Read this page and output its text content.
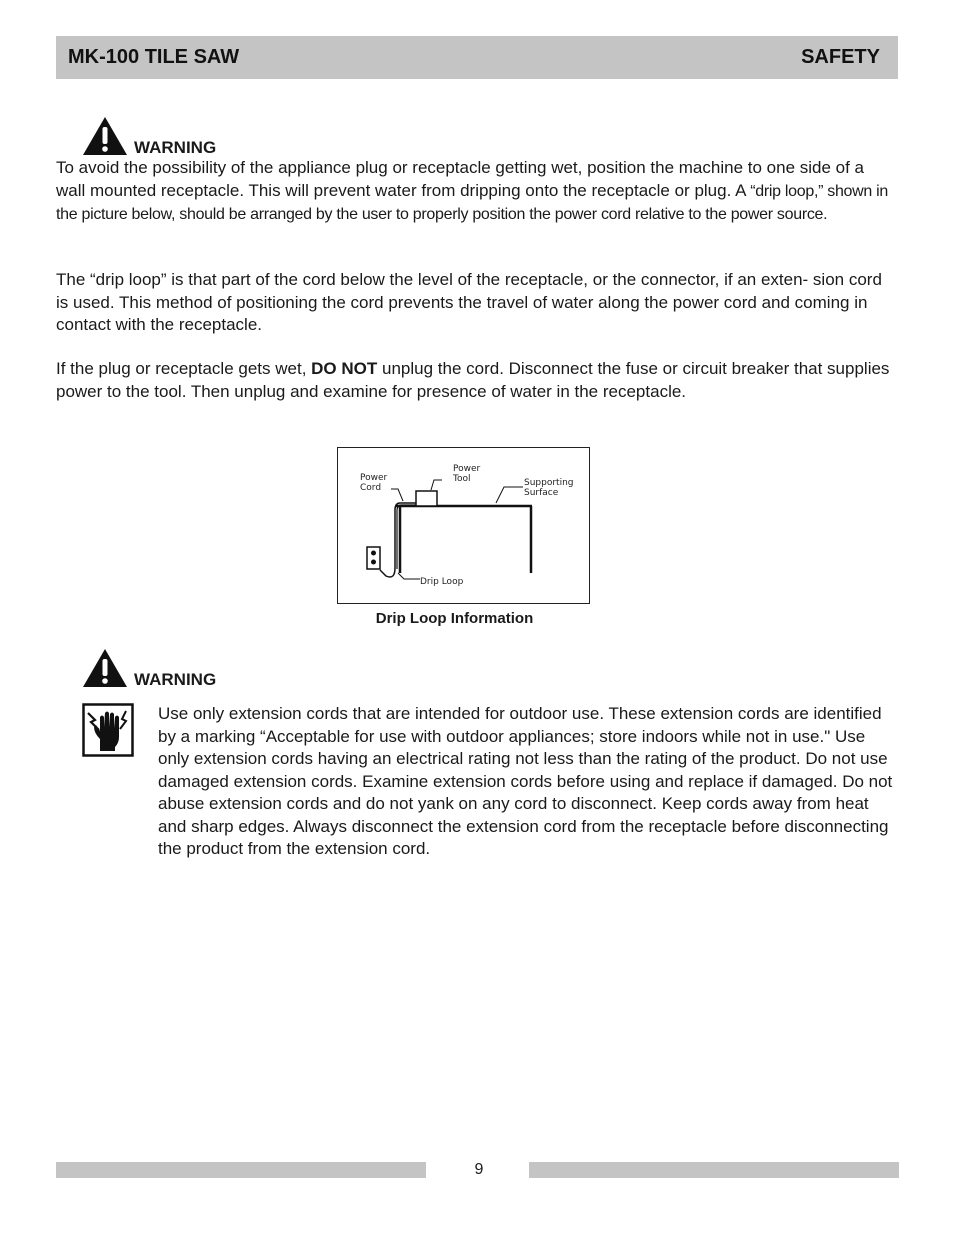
MK-100 TILE SAW	SAFETY
WARNING

To avoid the possibility of the appliance plug or receptacle getting wet, position the machine to one side of a wall mounted receptacle. This will prevent water from dripping onto the receptacle or plug. A “drip loop,” shown in the picture below, should be arranged by the user to properly position the power cord relative to the power source.

The “drip loop” is that part of the cord below the level of the receptacle, or the connector, if an exten- sion cord is used. This method of positioning the cord prevents the travel of water along the power cord and coming in contact with the receptacle.

If the plug or receptacle gets wet, DO NOT unplug the cord. Disconnect the fuse or circuit breaker that supplies power to the tool. Then unplug and examine for presence of water in the receptacle.

Power
Cord
Power
Tool	Supporting
Surface
Drip Loop
Drip Loop Information
WARNING

Use only extension cords that are intended for outdoor use. These extension cords are identified by a marking “Acceptable for use with outdoor appliances; store indoors while not in use." Use only extension cords having an electrical rating not less than the rating of the product. Do not use damaged extension cords. Examine extension cords before using and replace if damaged. Do not abuse extension cords and do not yank on any cord to disconnect. Keep cords away from heat and sharp edges. Always disconnect the extension cord from the receptacle before disconnecting the product from the extension cord.

9
